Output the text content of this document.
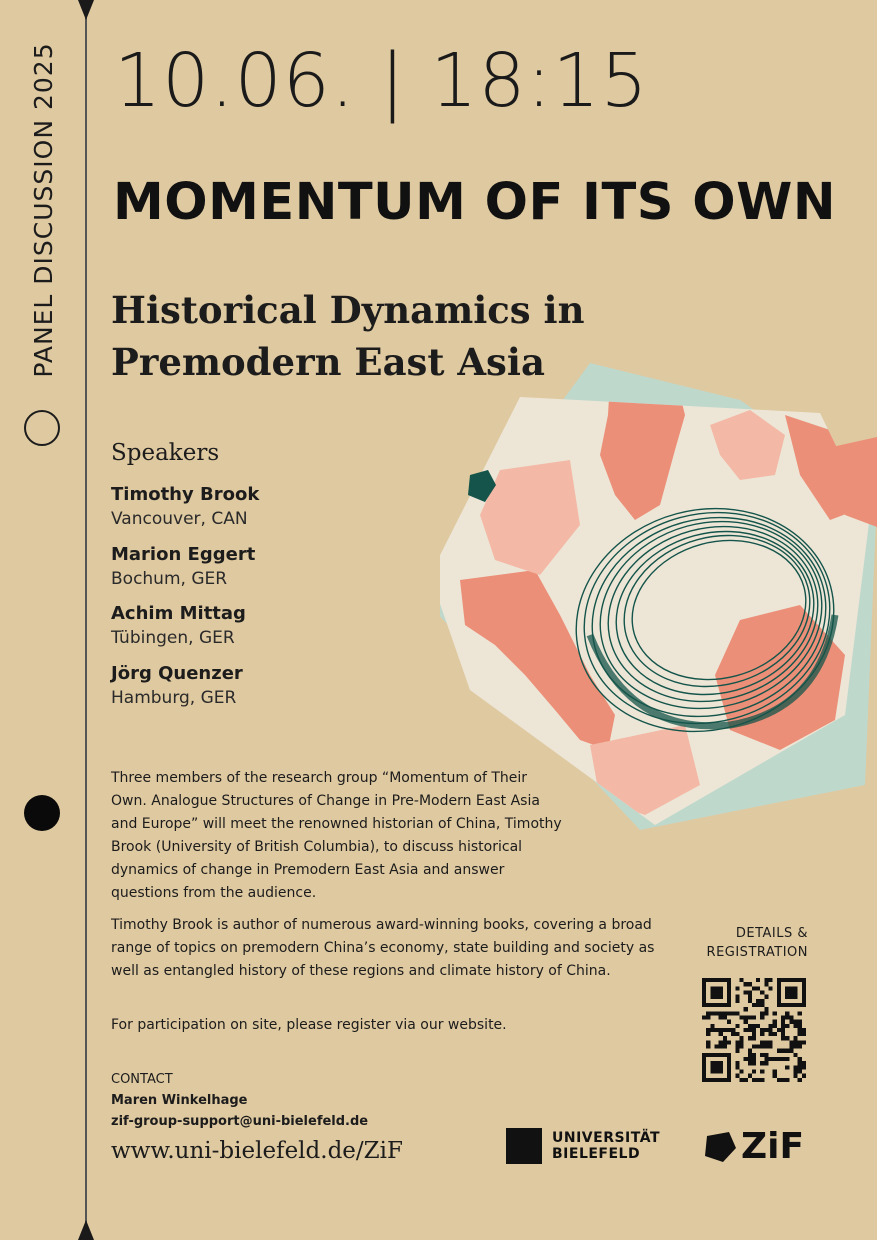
PANEL DISCUSSION 2025 10.06. | 18:15
MOMENTUM OF ITS OWN
Historical Dynamics in Premodern East Asia
Speakers
Timothy Brook
Vancouver, CAN
Marion Eggert
Bochum, GER
Achim Mittag
Tübingen, GER
Jörg Quenzer
Hamburg, GER
Three members of the research group “Momentum of Their Own. Analogue Structures of Change in Pre-Modern East Asia and Europe” will meet the renowned historian of China, Timothy Brook (University of British Columbia), to discuss historical dynamics of change in Premodern East Asia and answer questions from the audience.
Timothy Brook is author of numerous award-winning books, covering a broad range of topics on premodern China’s economy, state building and society as well as entangled history of these regions and climate history of China.
For participation on site, please register via our website.
CONTACT
Maren Winkelhage
zif-group-support@uni-bielefeld.de
www.uni-bielefeld.de/ZiF
DETAILS &
REGISTRATION
UNIVERSITÄT
BIELEFELD	ZiF
